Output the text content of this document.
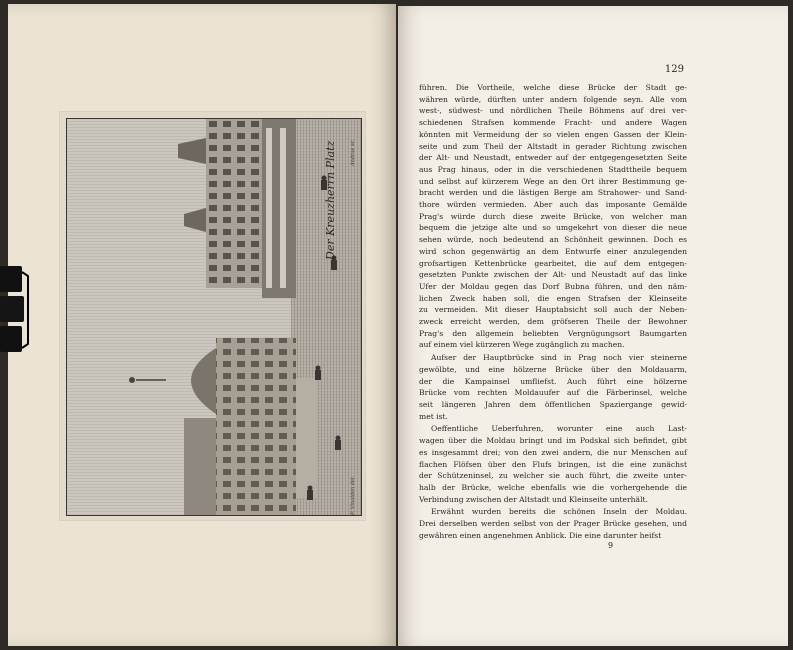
Der Kreuzherrn Platz
F. Vinalden del.
Andrae sc.
129
führen. Die Vortheile, welche diese Brücke der Stadt ge-
währen würde, dürften unter andern folgende seyn. Alle vom
west-, südwest- und nördlichen Theile Böhmens auf drei ver-
schiedenen Strafsen kommende Fracht- und andere Wagen
könnten mit Vermeidung der so vielen engen Gassen der Klein-
seite und zum Theil der Altstadt in gerader Richtung zwischen
der Alt- und Neustadt, entweder auf der entgegengesetzten Seite
aus Prag hinaus, oder in die verschiedenen Stadttheile bequem
und selbst auf kürzerem Wege an den Ort ihrer Bestimmung ge-
bracht werden und die lästigen Berge am Strahower- und Sand-
thore würden vermieden. Aber auch das imposante Gemälde
Prag's würde durch diese zweite Brücke, von welcher man
bequem die jetzige alte und so umgekehrt von dieser die neue
sehen würde, noch bedeutend an Schönheit gewinnen. Doch es
wird schon gegenwärtig an dem Entwurfe einer anzulegenden
grofsartigen Kettenbrücke gearbeitet, die auf dem entgegen-
gesetzten Punkte zwischen der Alt- und Neustadt auf das linke
Ufer der Moldau gegen das Dorf Bubna führen, und den näm-
lichen Zweck haben soll, die engen Strafsen der Kleinseite
zu vermeiden. Mit dieser Hauptabsicht soll auch der Neben-
zweck erreicht werden, dem gröfseren Theile der Bewohner
Prag's den allgemein beliebten Vergnügungsort Baumgarten
auf einem viel kürzeren Wege zugänglich zu machen.
Aufser der Hauptbrücke sind in Prag noch vier steinerne
gewölbte, und eine hölzerne Brücke über den Moldauarm,
der die Kampainsel umfliefst. Auch führt eine hölzerne
Brücke vom rechten Moldauufer auf die Färberinsel, welche
seit längeren Jahren dem öffentlichen Spaziergange gewid-
met ist.
Oeffentliche Ueberfuhren, worunter eine auch Last-
wagen über die Moldau bringt und im Podskal sich befindet, gibt
es insgesammt drei; von den zwei andern, die nur Menschen auf
flachen Flöfsen über den Flufs bringen, ist die eine zunächst
der Schützeninsel, zu welcher sie auch führt, die zweite unter-
halb der Brücke, welche ebenfalls wie die vorhergehende die
Verbindung zwischen der Altstadt und Kleinseite unterhält.
Erwähnt wurden bereits die schönen Inseln der Moldau.
Drei derselben werden selbst von der Prager Brücke gesehen, und
gewähren einen angenehmen Anblick. Die eine darunter heifst
9
